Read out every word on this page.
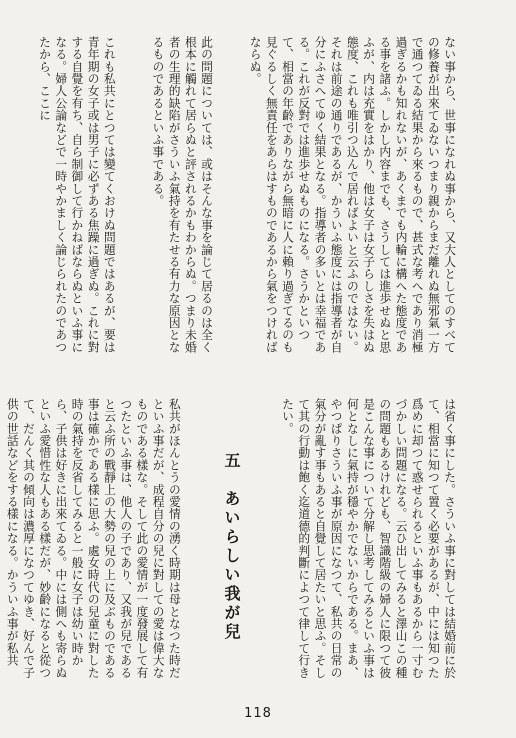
ない事から、世事になれぬ事から、又大人としてのすべての修養が出來てゐないつまり親からまだ離れぬ無邪氣一方で通つてゐる結果から來るもので、甚式な考へであり消極過ぎるかも知れないが、あくまでも内輪に構へた態度である事を諸ふ。しかし内容までも、さうしては進歩せぬと思ふが、内は充實をはかり、他は女子は女子らしさを失はぬ態度、これも唯引つ込んで居ればよいと云ふのではない。それは前途の通りであるが、かういふ態度には指導者が自分にふさへてゆく結果となる。指導者の多いとは幸福である。これが反對では進歩せぬものになる。さうかといつて、相當の年齡でありながら無暗に人に賴り過ぎてるのも見ぐるしく無責任をあらはすものであるから氣をつければならぬ。

此の問題については、或はそんな事を論じて居るのは全く根本に觸れて居らぬと評されるかもわからぬ。つまり未婚者の生理的缺陷がさういふ氣持を有たせる有力な原因となるものであるといふ事である。

これも私共にとつては變てくおけぬ問題ではあるが、要は青年期の女子或は男子に必ずある焦躁に過ぎぬ。これに對する自覺を有ち、自ら制御して行かねばならぬといふ事になる。婦人公論などで一時やかましく論じられたのであつたから、ここに

は省く事にした。さういふ事に對しては結婚前に於て、相當に知つて置く必要があるが、中には知つた爲めに却つて惑せられるといふ事もあるから一寸むづかしい問題になる。云ひ出してみると澤山この種の問題もあるけれども、智識階級の婦人に限つて彼是こんな事について分解し思考してみるといふ事は何となしに氣持が穩やかでないからである。まあ、やつぱりさういふ事が原因になつて、私共の日常の氣分が亂す事もあると自覺して居たいと思ふ。そして其の行動は飽く迄道德的判斷によつて律して行きたい。

五　あいらしい我が兒

私共がほんとうの愛情の湧く時期は母となつた時だといふ事だが、成程自分の兒に對しての愛は偉大なものである樣な。そして此の愛情が一度發展して有つたといふ事は、他人の子であり、又我が兒であると云ふ所の戰靜上の大勢の兒の上に及ぶものである事は確かである樣に思ふ。處女時代の兒童に對した時の氣持を反省してみると一般に女子は幼い時から、子供は好きに出來てゐる。中には側へも寄らぬといふ愛惜性な人もある樣だが、妙齡になると從つて、だんく其の傾向は濃厚になつてゆき、好んで子供の世話などをする樣になる。かういふ事が私共

118
